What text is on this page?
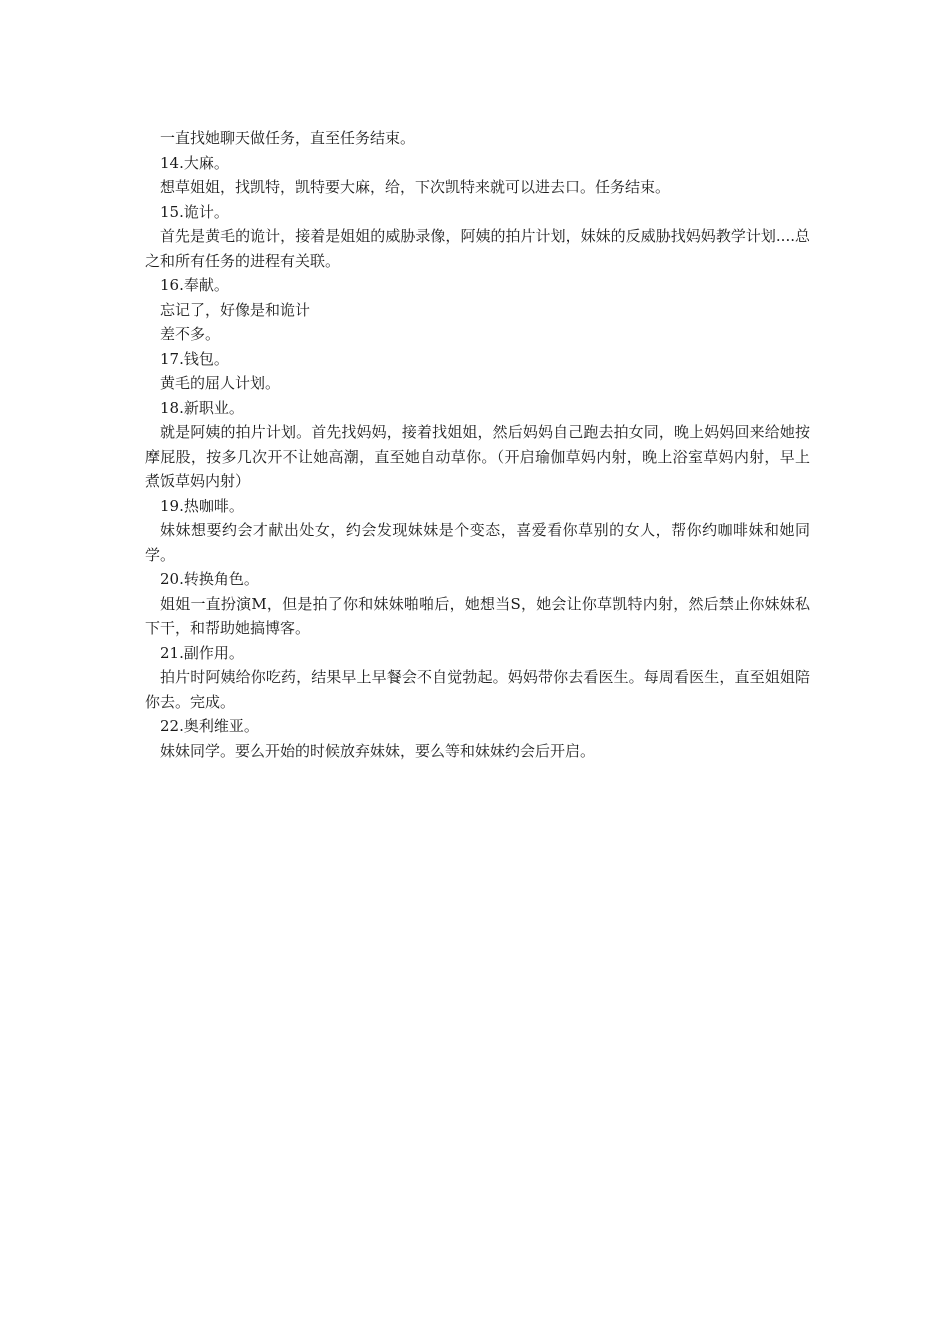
一直找她聊天做任务，直至任务结束。

14.大麻。

想草姐姐，找凯特，凯特要大麻，给，下次凯特来就可以进去口。任务结束。

15.诡计。

首先是黄毛的诡计，接着是姐姐的威胁录像，阿姨的拍片计划，妹妹的反威胁找妈妈教学计划....总之和所有任务的进程有关联。

16.奉献。

忘记了，好像是和诡计

差不多。

17.钱包。

黄毛的屈人计划。

18.新职业。

就是阿姨的拍片计划。首先找妈妈，接着找姐姐，然后妈妈自己跑去拍女同，晚上妈妈回来给她按摩屁股，按多几次开不让她高潮，直至她自动草你。（开启瑜伽草妈内射，晚上浴室草妈内射，早上煮饭草妈内射）

19.热咖啡。

妹妹想要约会才献出处女，约会发现妹妹是个变态，喜爱看你草别的女人，帮你约咖啡妹和她同学。

20.转换角色。

姐姐一直扮演M，但是拍了你和妹妹啪啪后，她想当S，她会让你草凯特内射，然后禁止你妹妹私下干，和帮助她搞博客。

21.副作用。

拍片时阿姨给你吃药，结果早上早餐会不自觉勃起。妈妈带你去看医生。每周看医生，直至姐姐陪你去。完成。

22.奥利维亚。

妹妹同学。要么开始的时候放弃妹妹，要么等和妹妹约会后开启。
